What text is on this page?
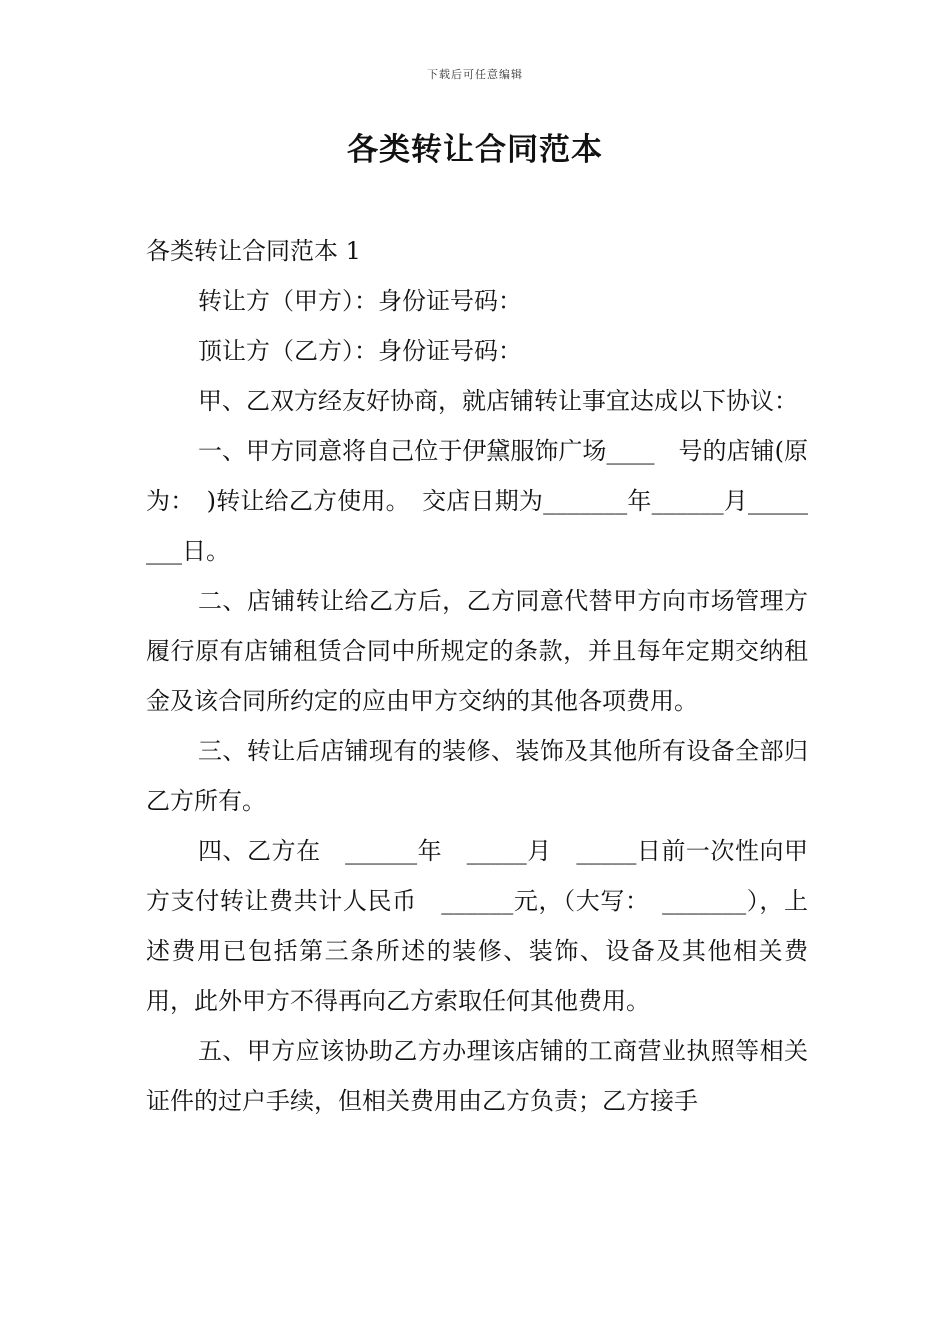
下载后可任意编辑
各类转让合同范本

各类转让合同范本 1

转让方（甲方）：身份证号码：

顶让方（乙方）：身份证号码：

甲、乙双方经友好协商，就店铺转让事宜达成以下协议：

一、甲方同意将自己位于伊黛服饰广场____　号的店铺(原为：　)转让给乙方使用。　交店日期为_______年______月________日。

二、店铺转让给乙方后，乙方同意代替甲方向市场管理方履行原有店铺租赁合同中所规定的条款，并且每年定期交纳租金及该合同所约定的应由甲方交纳的其他各项费用。

三、转让后店铺现有的装修、装饰及其他所有设备全部归乙方所有。

四、乙方在　______年　_____月　_____日前一次性向甲方支付转让费共计人民币　______元，（大写：　_______），上述费用已包括第三条所述的装修、装饰、设备及其他相关费用，此外甲方不得再向乙方索取任何其他费用。

五、甲方应该协助乙方办理该店铺的工商营业执照等相关证件的过户手续，但相关费用由乙方负责；乙方接手
